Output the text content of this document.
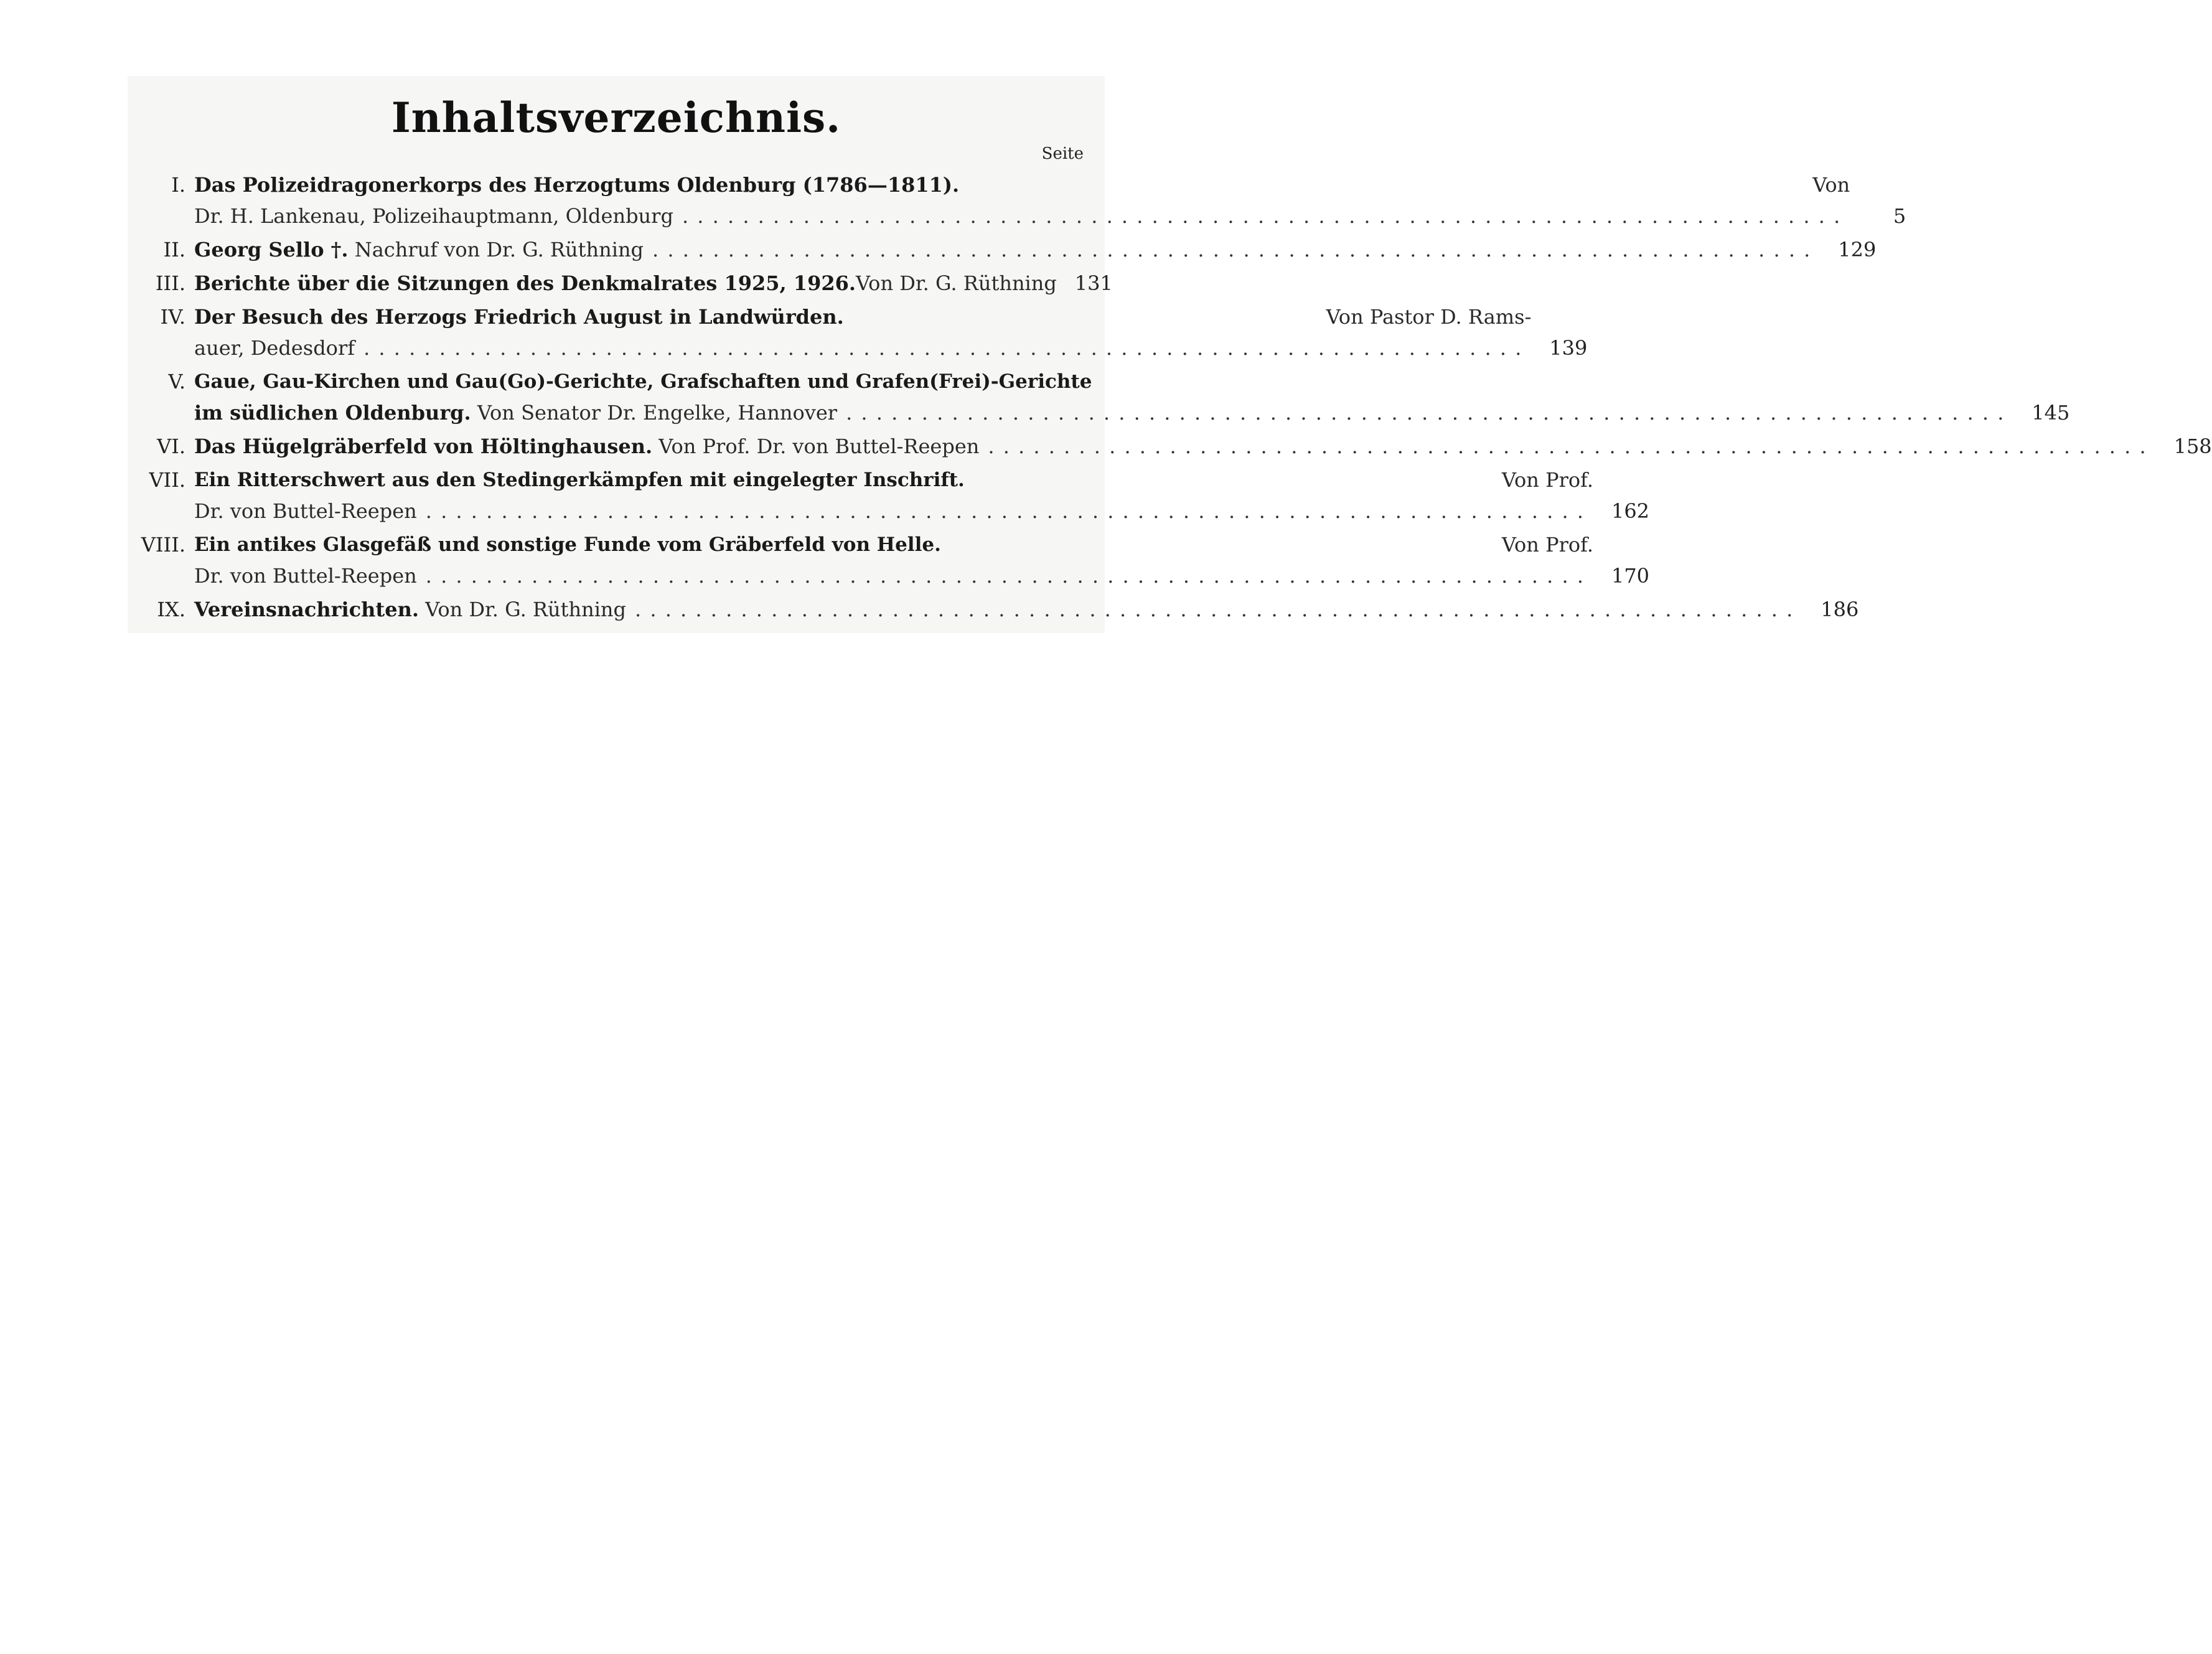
Inhaltsverzeichnis.
Seite
I. Das Polizeidragonerkorps des Herzogtums Oldenburg (1786—1811).	Von
Dr. H. Lankenau, Polizeihauptmann, Oldenburg . . .	5
II. Georg Sello †.
Nachruf von Dr. G. Rüthning . . .	129
III. Berichte über die Sitzungen des Denkmalrates 1925, 1926. Von Dr. G. Rüthning 131
IV. Der Besuch des Herzogs Friedrich August in Landwürden.	Von Pastor D. Rams-
auer, Dedesdorf . . .	139
V. Gaue, Gau-Kirchen und Gau(Go)-Gerichte, Grafschaften und Grafen(Frei)-Gerichte
im südlichen Oldenburg.
Von Senator Dr. Engelke, Hannover . . .	145
VI. Das Hügelgräberfeld von Höltinghausen.
Von Prof. Dr. von Buttel-Reepen . . .	158
VII. Ein Ritterschwert aus den Stedingerkämpfen mit eingelegter Inschrift.	Von Prof.
Dr. von Buttel-Reepen . . .	162
VIII. Ein antikes Glasgefäß und sonstige Funde vom Gräberfeld von Helle.	Von Prof.
Dr. von Buttel-Reepen . . .	170
IX. Vereinsnachrichten.
Von Dr. G. Rüthning . . .	186
